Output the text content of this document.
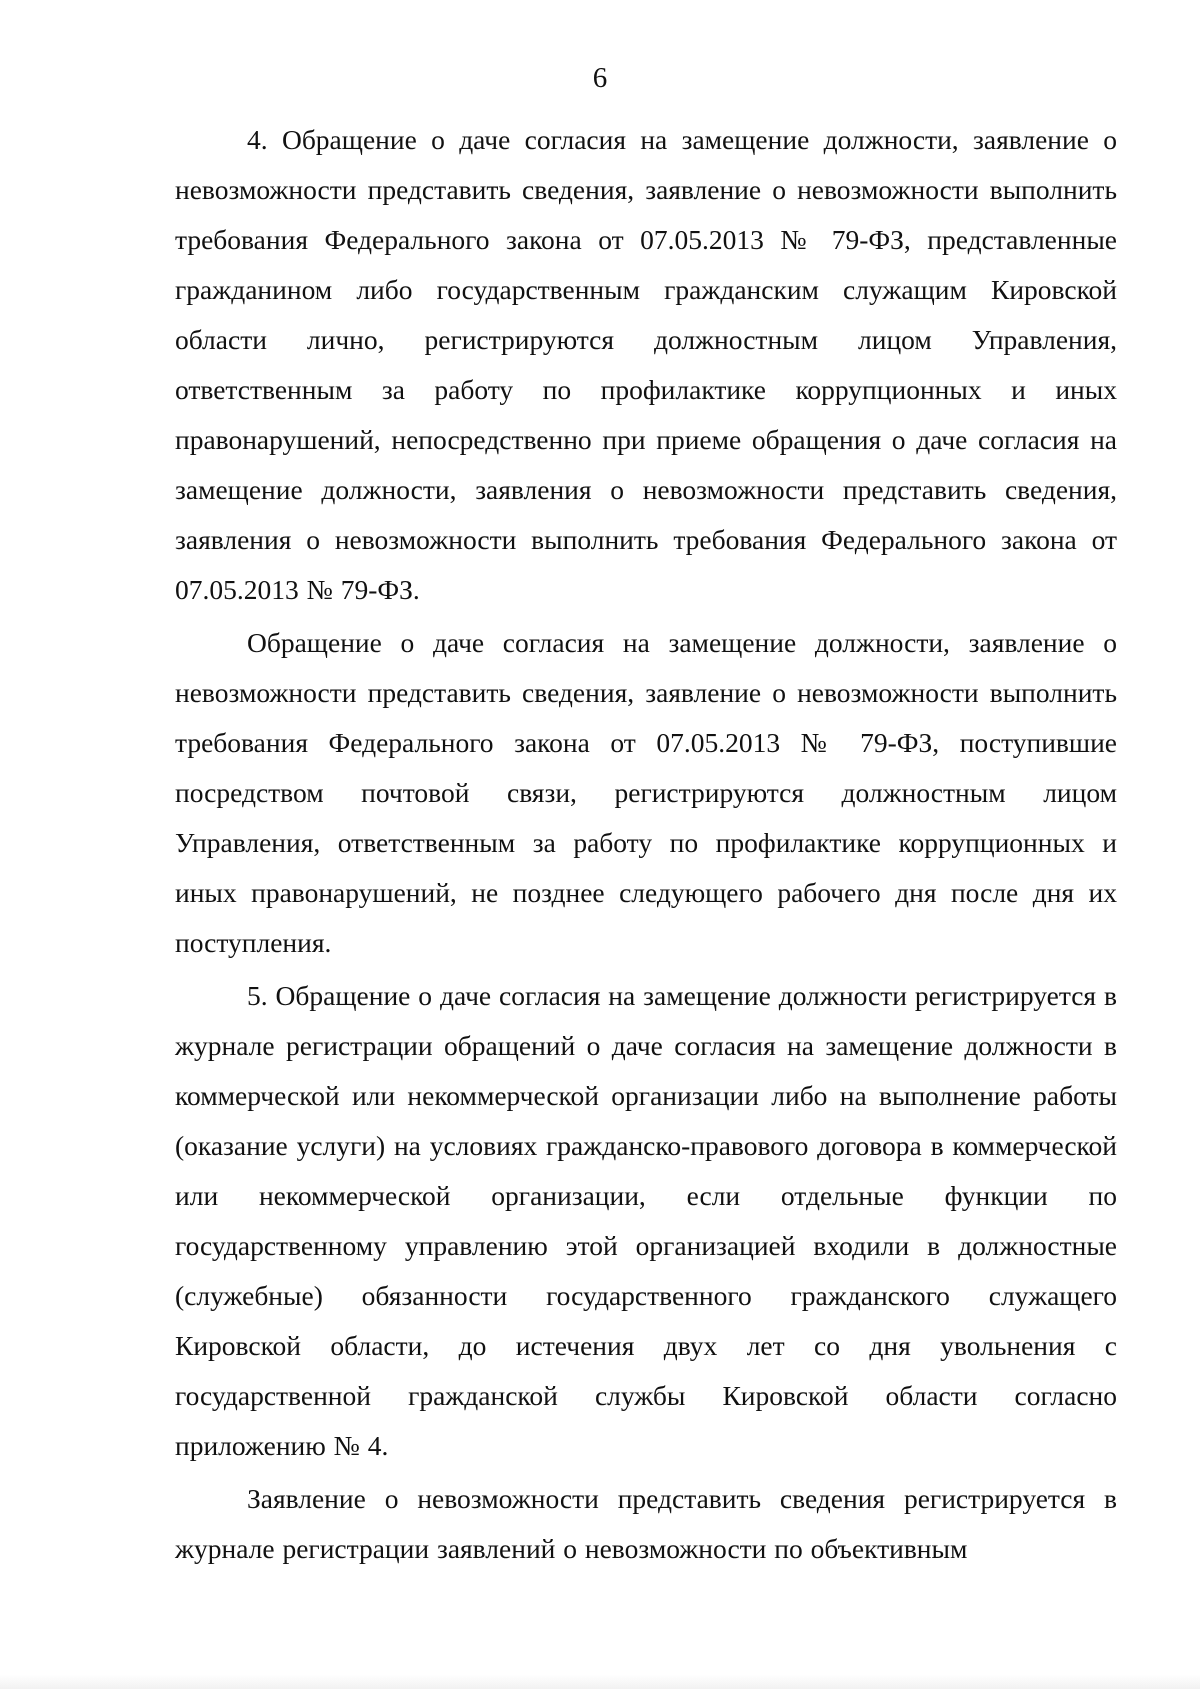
6

4. Обращение о даче согласия на замещение должности, заявление о невозможности представить сведения, заявление о невозможности выполнить требования Федерального закона от 07.05.2013 № 79-ФЗ, представленные гражданином либо государственным гражданским служащим Кировской области лично, регистрируются должностным лицом Управления, ответственным за работу по профилактике коррупционных и иных правонарушений, непосредственно при приеме обращения о даче согласия на замещение должности, заявления о невозможности представить сведения, заявления о невозможности выполнить требования Федерального закона от 07.05.2013 № 79-ФЗ.

Обращение о даче согласия на замещение должности, заявление о невозможности представить сведения, заявление о невозможности выполнить требования Федерального закона от 07.05.2013 № 79-ФЗ, поступившие посредством почтовой связи, регистрируются должностным лицом Управления, ответственным за работу по профилактике коррупционных и иных правонарушений, не позднее следующего рабочего дня после дня их поступления.

5. Обращение о даче согласия на замещение должности регистрируется в журнале регистрации обращений о даче согласия на замещение должности в коммерческой или некоммерческой организации либо на выполнение работы (оказание услуги) на условиях гражданско-правового договора в коммерческой или некоммерческой организации, если отдельные функции по государственному управлению этой организацией входили в должностные (служебные) обязанности государственного гражданского служащего Кировской области, до истечения двух лет со дня увольнения с государственной гражданской службы Кировской области согласно приложению № 4.

Заявление о невозможности представить сведения регистрируется в журнале регистрации заявлений о невозможности по объективным
